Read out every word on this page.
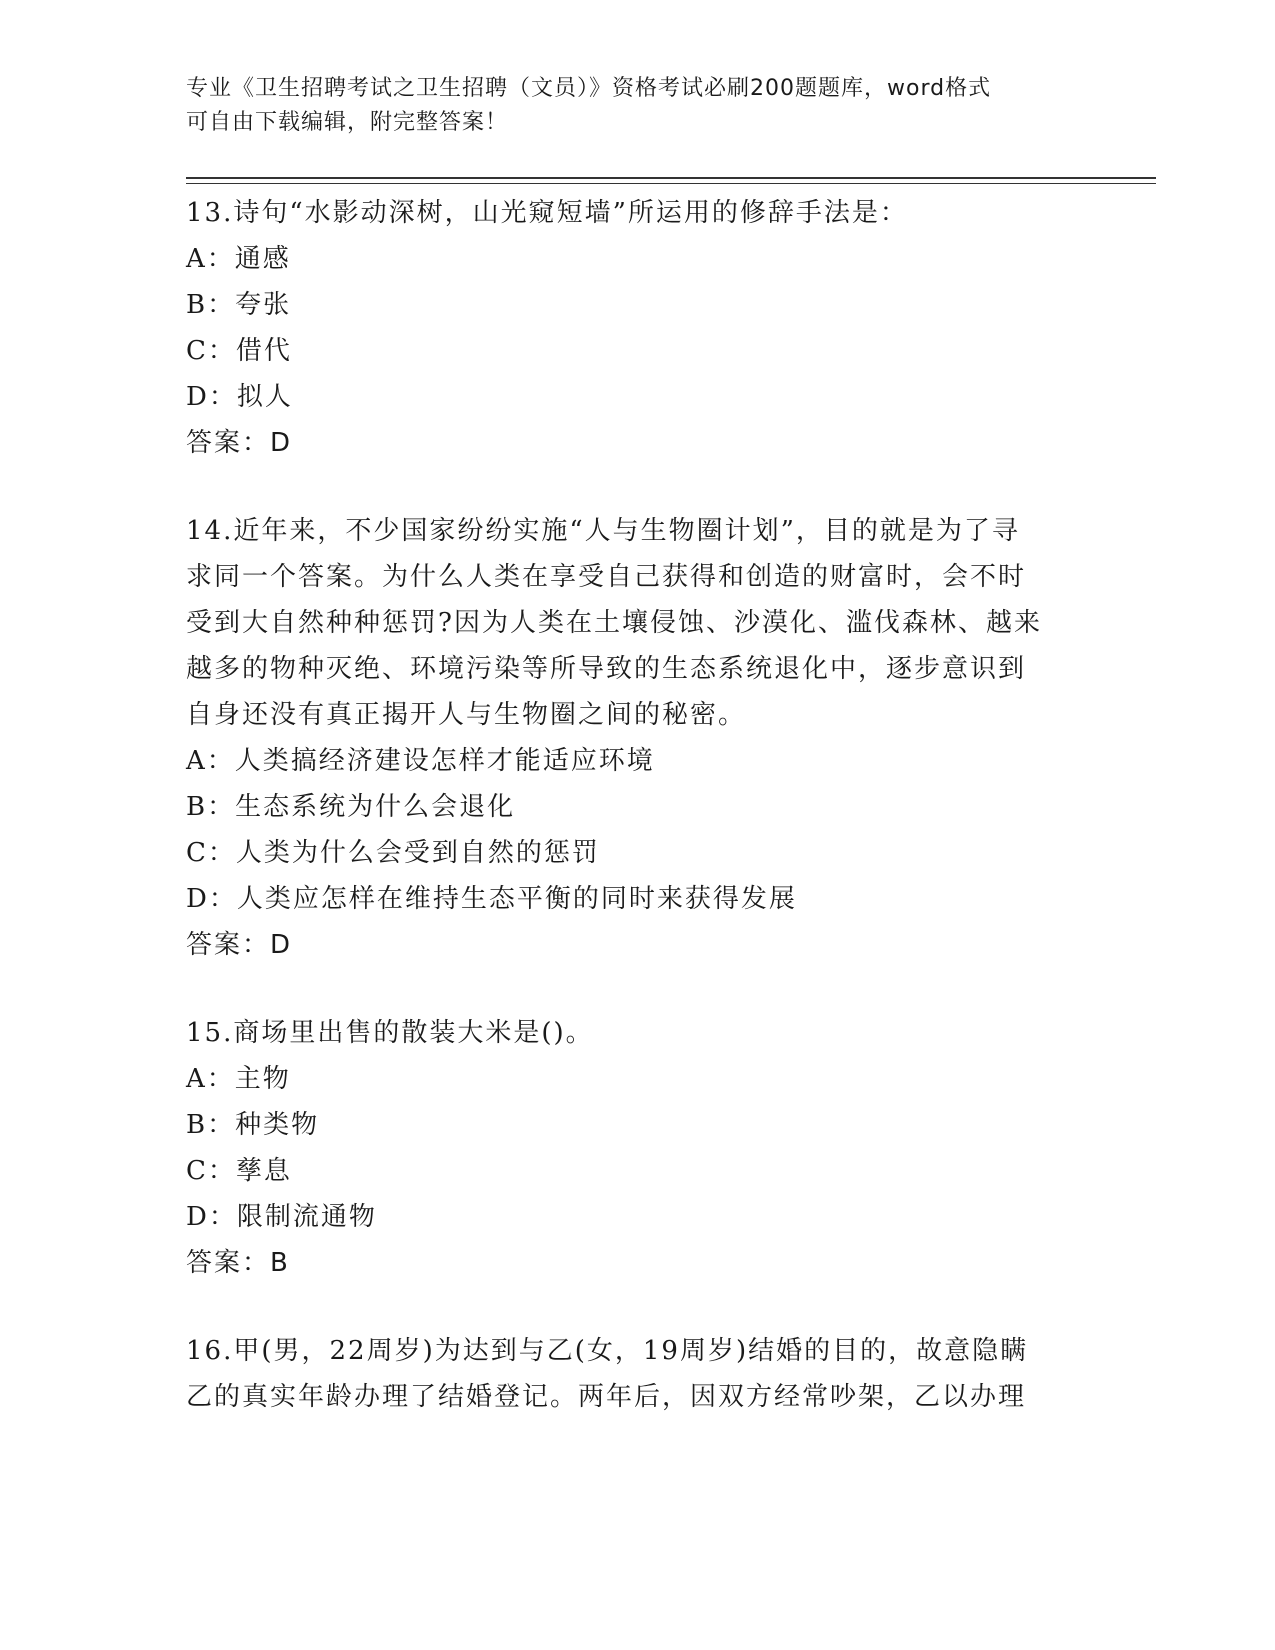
专业《卫生招聘考试之卫生招聘（文员）》资格考试必刷200题题库，word格式
可自由下载编辑，附完整答案！

13.诗句“水影动深树，山光窥短墙”所运用的修辞手法是：

A：通感

B：夸张

C：借代

D：拟人

答案：D

14.近年来，不少国家纷纷实施“人与生物圈计划”，目的就是为了寻

求同一个答案。为什么人类在享受自己获得和创造的财富时，会不时

受到大自然种种惩罚?因为人类在土壤侵蚀、沙漠化、滥伐森林、越来

越多的物种灭绝、环境污染等所导致的生态系统退化中，逐步意识到

自身还没有真正揭开人与生物圈之间的秘密。

A：人类搞经济建设怎样才能适应环境

B：生态系统为什么会退化

C：人类为什么会受到自然的惩罚

D：人类应怎样在维持生态平衡的同时来获得发展

答案：D

15.商场里出售的散装大米是()。

A：主物

B：种类物

C：孳息

D：限制流通物

答案：B

16.甲(男，22周岁)为达到与乙(女，19周岁)结婚的目的，故意隐瞒

乙的真实年龄办理了结婚登记。两年后，因双方经常吵架，乙以办理
